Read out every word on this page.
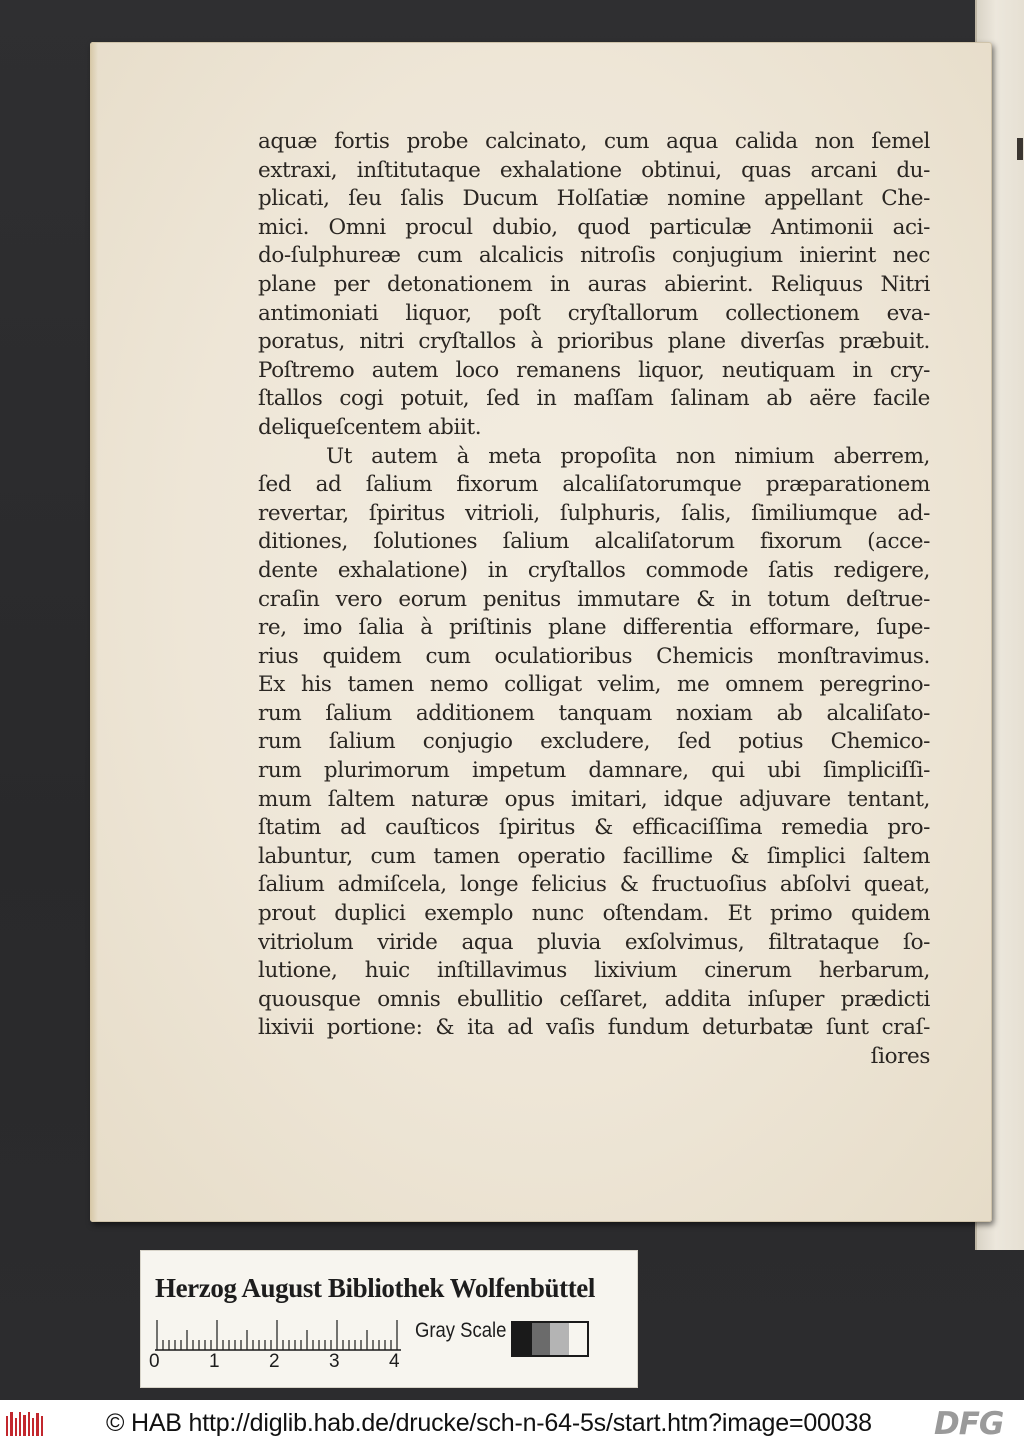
aquæ fortis probe calcinato, cum aqua calida non ſemel
extraxi, inſtitutaque exhalatione obtinui, quas arcani du-
plicati, ſeu ſalis Ducum Holſatiæ nomine appellant Che-
mici. Omni procul dubio, quod particulæ Antimonii aci-
do-ſulphureæ cum alcalicis nitroſis conjugium inierint nec
plane per detonationem in auras abierint. Reliquus Nitri
antimoniati liquor, poſt cryſtallorum collectionem eva-
poratus, nitri cryſtallos à prioribus plane diverſas præbuit.
Poſtremo autem loco remanens liquor, neutiquam in cry-
ſtallos cogi potuit, ſed in maſſam ſalinam ab aëre facile
deliqueſcentem abiit.
Ut autem à meta propoſita non nimium aberrem,
ſed ad ſalium fixorum alcaliſatorumque præparationem
revertar, ſpiritus vitrioli, ſulphuris, ſalis, ſimiliumque ad-
ditiones, ſolutiones ſalium alcaliſatorum fixorum (acce-
dente exhalatione) in cryſtallos commode ſatis redigere,
craſin vero eorum penitus immutare & in totum deſtrue-
re, imo ſalia à priſtinis plane differentia efformare, ſupe-
rius quidem cum oculatioribus Chemicis monſtravimus.
Ex his tamen nemo colligat velim, me omnem peregrino-
rum ſalium additionem tanquam noxiam ab alcaliſato-
rum ſalium conjugio excludere, ſed potius Chemico-
rum plurimorum impetum damnare, qui ubi ſimpliciſſi-
mum ſaltem naturæ opus imitari, idque adjuvare tentant,
ſtatim ad cauſticos ſpiritus & efficaciſſima remedia pro-
labuntur, cum tamen operatio facillime & ſimplici ſaltem
ſalium admiſcela, longe felicius & fructuoſius abſolvi queat,
prout duplici exemplo nunc oſtendam. Et primo quidem
vitriolum viride aqua pluvia exſolvimus, filtrataque ſo-
lutione, huic inſtillavimus lixivium cinerum herbarum,
quousque omnis ebullitio ceſſaret, addita inſuper prædicti
lixivii portione: & ita ad vaſis fundum deturbatæ ſunt craſ-
ſiores
Herzog August Bibliothek Wolfenbüttel
0	1	2	3	4
Gray Scale
© HAB http://diglib.hab.de/drucke/sch-n-64-5s/start.htm?image=00038 DFG
